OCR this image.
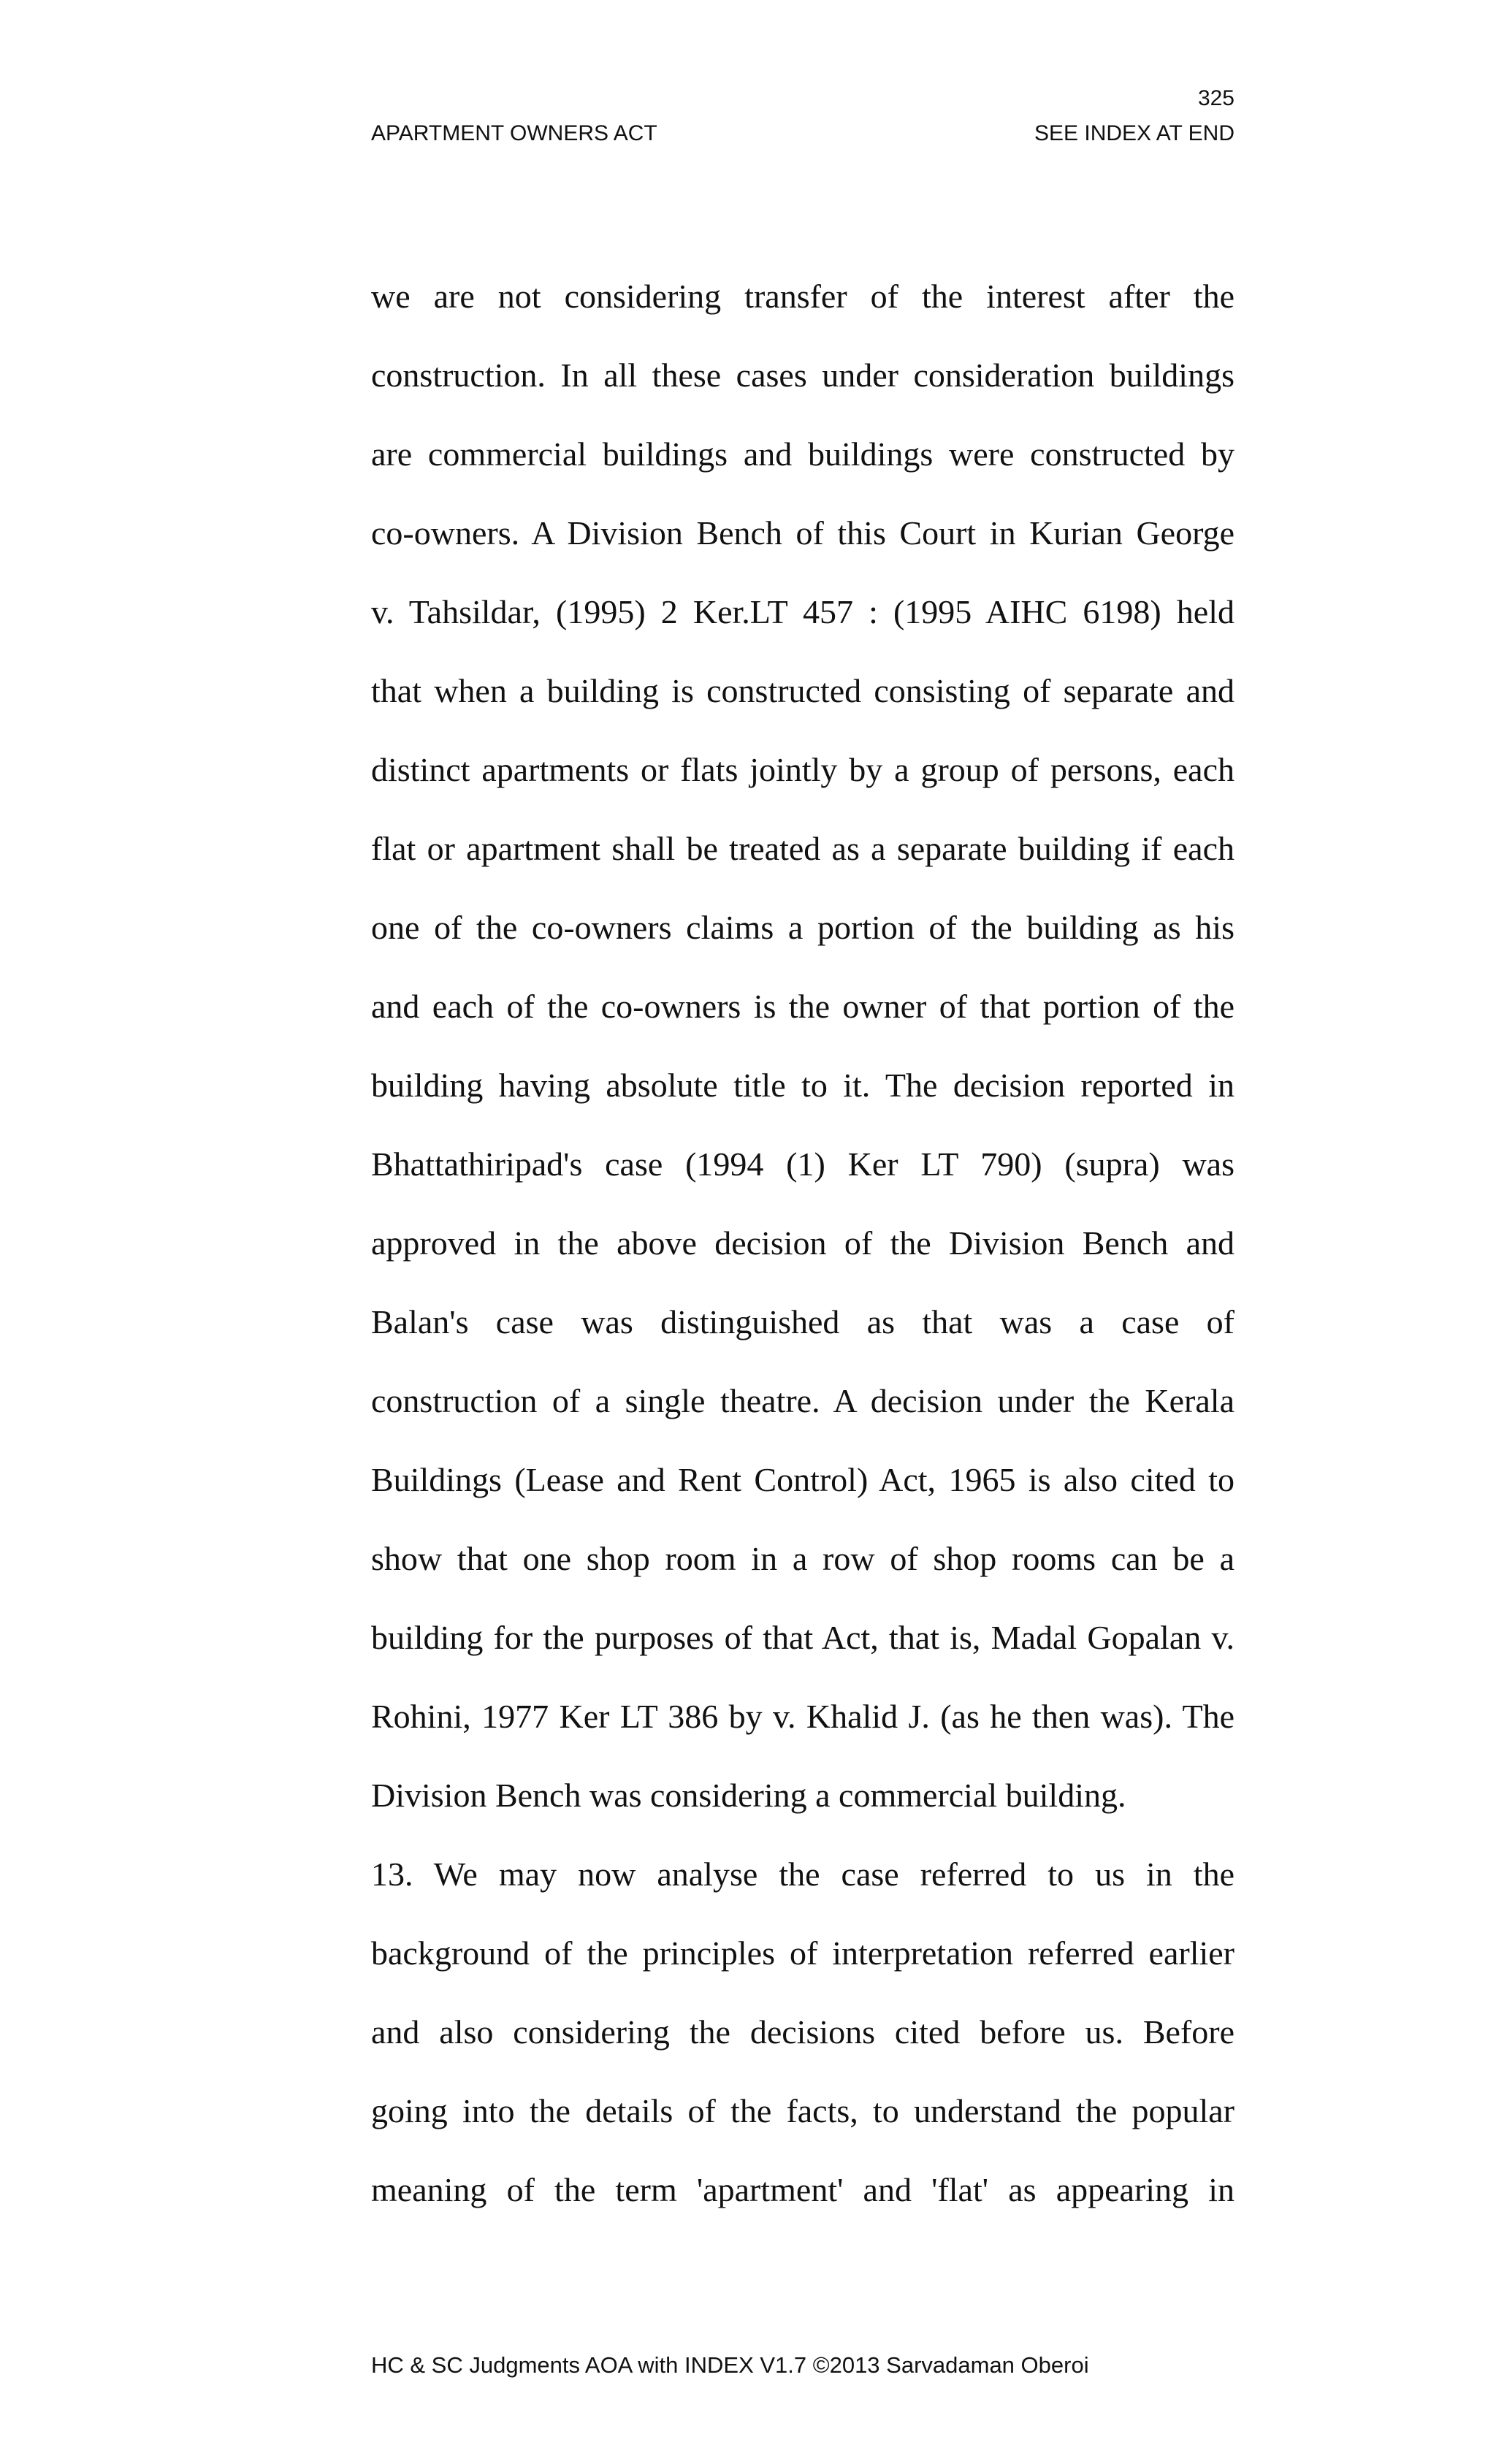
325
APARTMENT OWNERS ACT	SEE INDEX AT END
we are not considering transfer of the interest after the
construction. In all these cases under consideration buildings
are commercial buildings and buildings were constructed by
co-owners. A Division Bench of this Court in Kurian George
v. Tahsildar, (1995) 2 Ker.LT 457 : (1995 AIHC 6198) held
that when a building is constructed consisting of separate and
distinct apartments or flats jointly by a group of persons, each
flat or apartment shall be treated as a separate building if each
one of the co-owners claims a portion of the building as his
and each of the co-owners is the owner of that portion of the
building having absolute title to it. The decision reported in
Bhattathiripad's case (1994 (1) Ker LT 790) (supra) was
approved in the above decision of the Division Bench and
Balan's case was distinguished as that was a case of
construction of a single theatre. A decision under the Kerala
Buildings (Lease and Rent Control) Act, 1965 is also cited to
show that one shop room in a row of shop rooms can be a
building for the purposes of that Act, that is, Madal Gopalan v.
Rohini, 1977 Ker LT 386 by v. Khalid J. (as he then was). The
Division Bench was considering a commercial building.
13. We may now analyse the case referred to us in the
background of the principles of interpretation referred earlier
and also considering the decisions cited before us. Before
going into the details of the facts, to understand the popular
meaning of the term 'apartment' and 'flat' as appearing in
HC & SC Judgments AOA with INDEX V1.7 ©2013 Sarvadaman Oberoi
